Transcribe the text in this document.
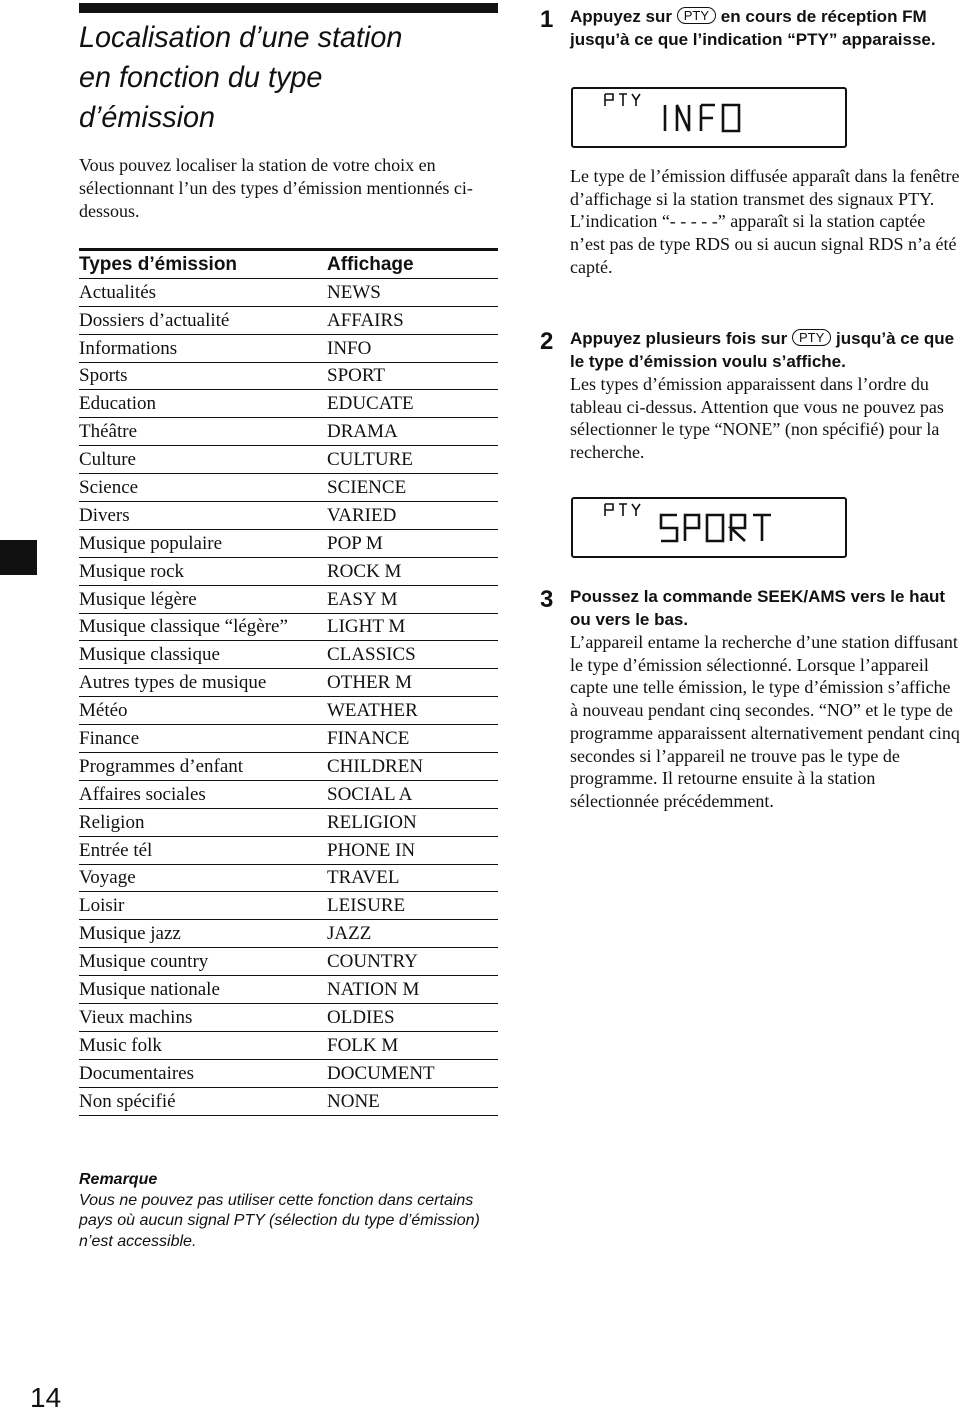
Localisation d’une station
en fonction du type
d’émission

Vous pouvez localiser la station de votre choix en sélectionnant l’un des types d’émission mentionnés ci-dessous.

Types d’émission	Affichage
Actualités	NEWS
Dossiers d’actualité	AFFAIRS
Informations	INFO
Sports	SPORT
Education	EDUCATE
Théâtre	DRAMA
Culture	CULTURE
Science	SCIENCE
Divers	VARIED
Musique populaire	POP M
Musique rock	ROCK M
Musique légère	EASY M
Musique classique “légère”	LIGHT M
Musique classique	CLASSICS
Autres types de musique	OTHER M
Météo	WEATHER
Finance	FINANCE
Programmes d’enfant	CHILDREN
Affaires sociales	SOCIAL A
Religion	RELIGION
Entrée tél	PHONE IN
Voyage	TRAVEL
Loisir	LEISURE
Musique jazz	JAZZ
Musique country	COUNTRY
Musique nationale	NATION M
Vieux machins	OLDIES
Music folk	FOLK M
Documentaires	DOCUMENT
Non spécifié	NONE
Remarque
Vous ne pouvez pas utiliser cette fonction dans certains pays où aucun signal PTY (sélection du type d’émission) n’est accessible.
14
1 Appuyez sur PTY en cours de réception FM jusqu’à ce que l’indication “PTY” apparaisse.
Le type de l’émission diffusée apparaît dans la fenêtre d’affichage si la station transmet des signaux PTY. L’indication “- - - - -” apparaît si la station captée n’est pas de type RDS ou si aucun signal RDS n’a été capté.
2 Appuyez plusieurs fois sur PTY jusqu’à ce que le type d’émission voulu s’affiche.
Les types d’émission apparaissent dans l’ordre du tableau ci-dessus. Attention que vous ne pouvez pas sélectionner le type “NONE” (non spécifié) pour la recherche.
3 Poussez la commande SEEK/AMS vers le haut ou vers le bas.
L’appareil entame la recherche d’une station diffusant le type d’émission sélectionné. Lorsque l’appareil capte une telle émission, le type d’émission s’affiche à nouveau pendant cinq secondes. “NO” et le type de programme apparaissent alternativement pendant cinq secondes si l’appareil ne trouve pas le type de programme. Il retourne ensuite à la station sélectionnée précédemment.
